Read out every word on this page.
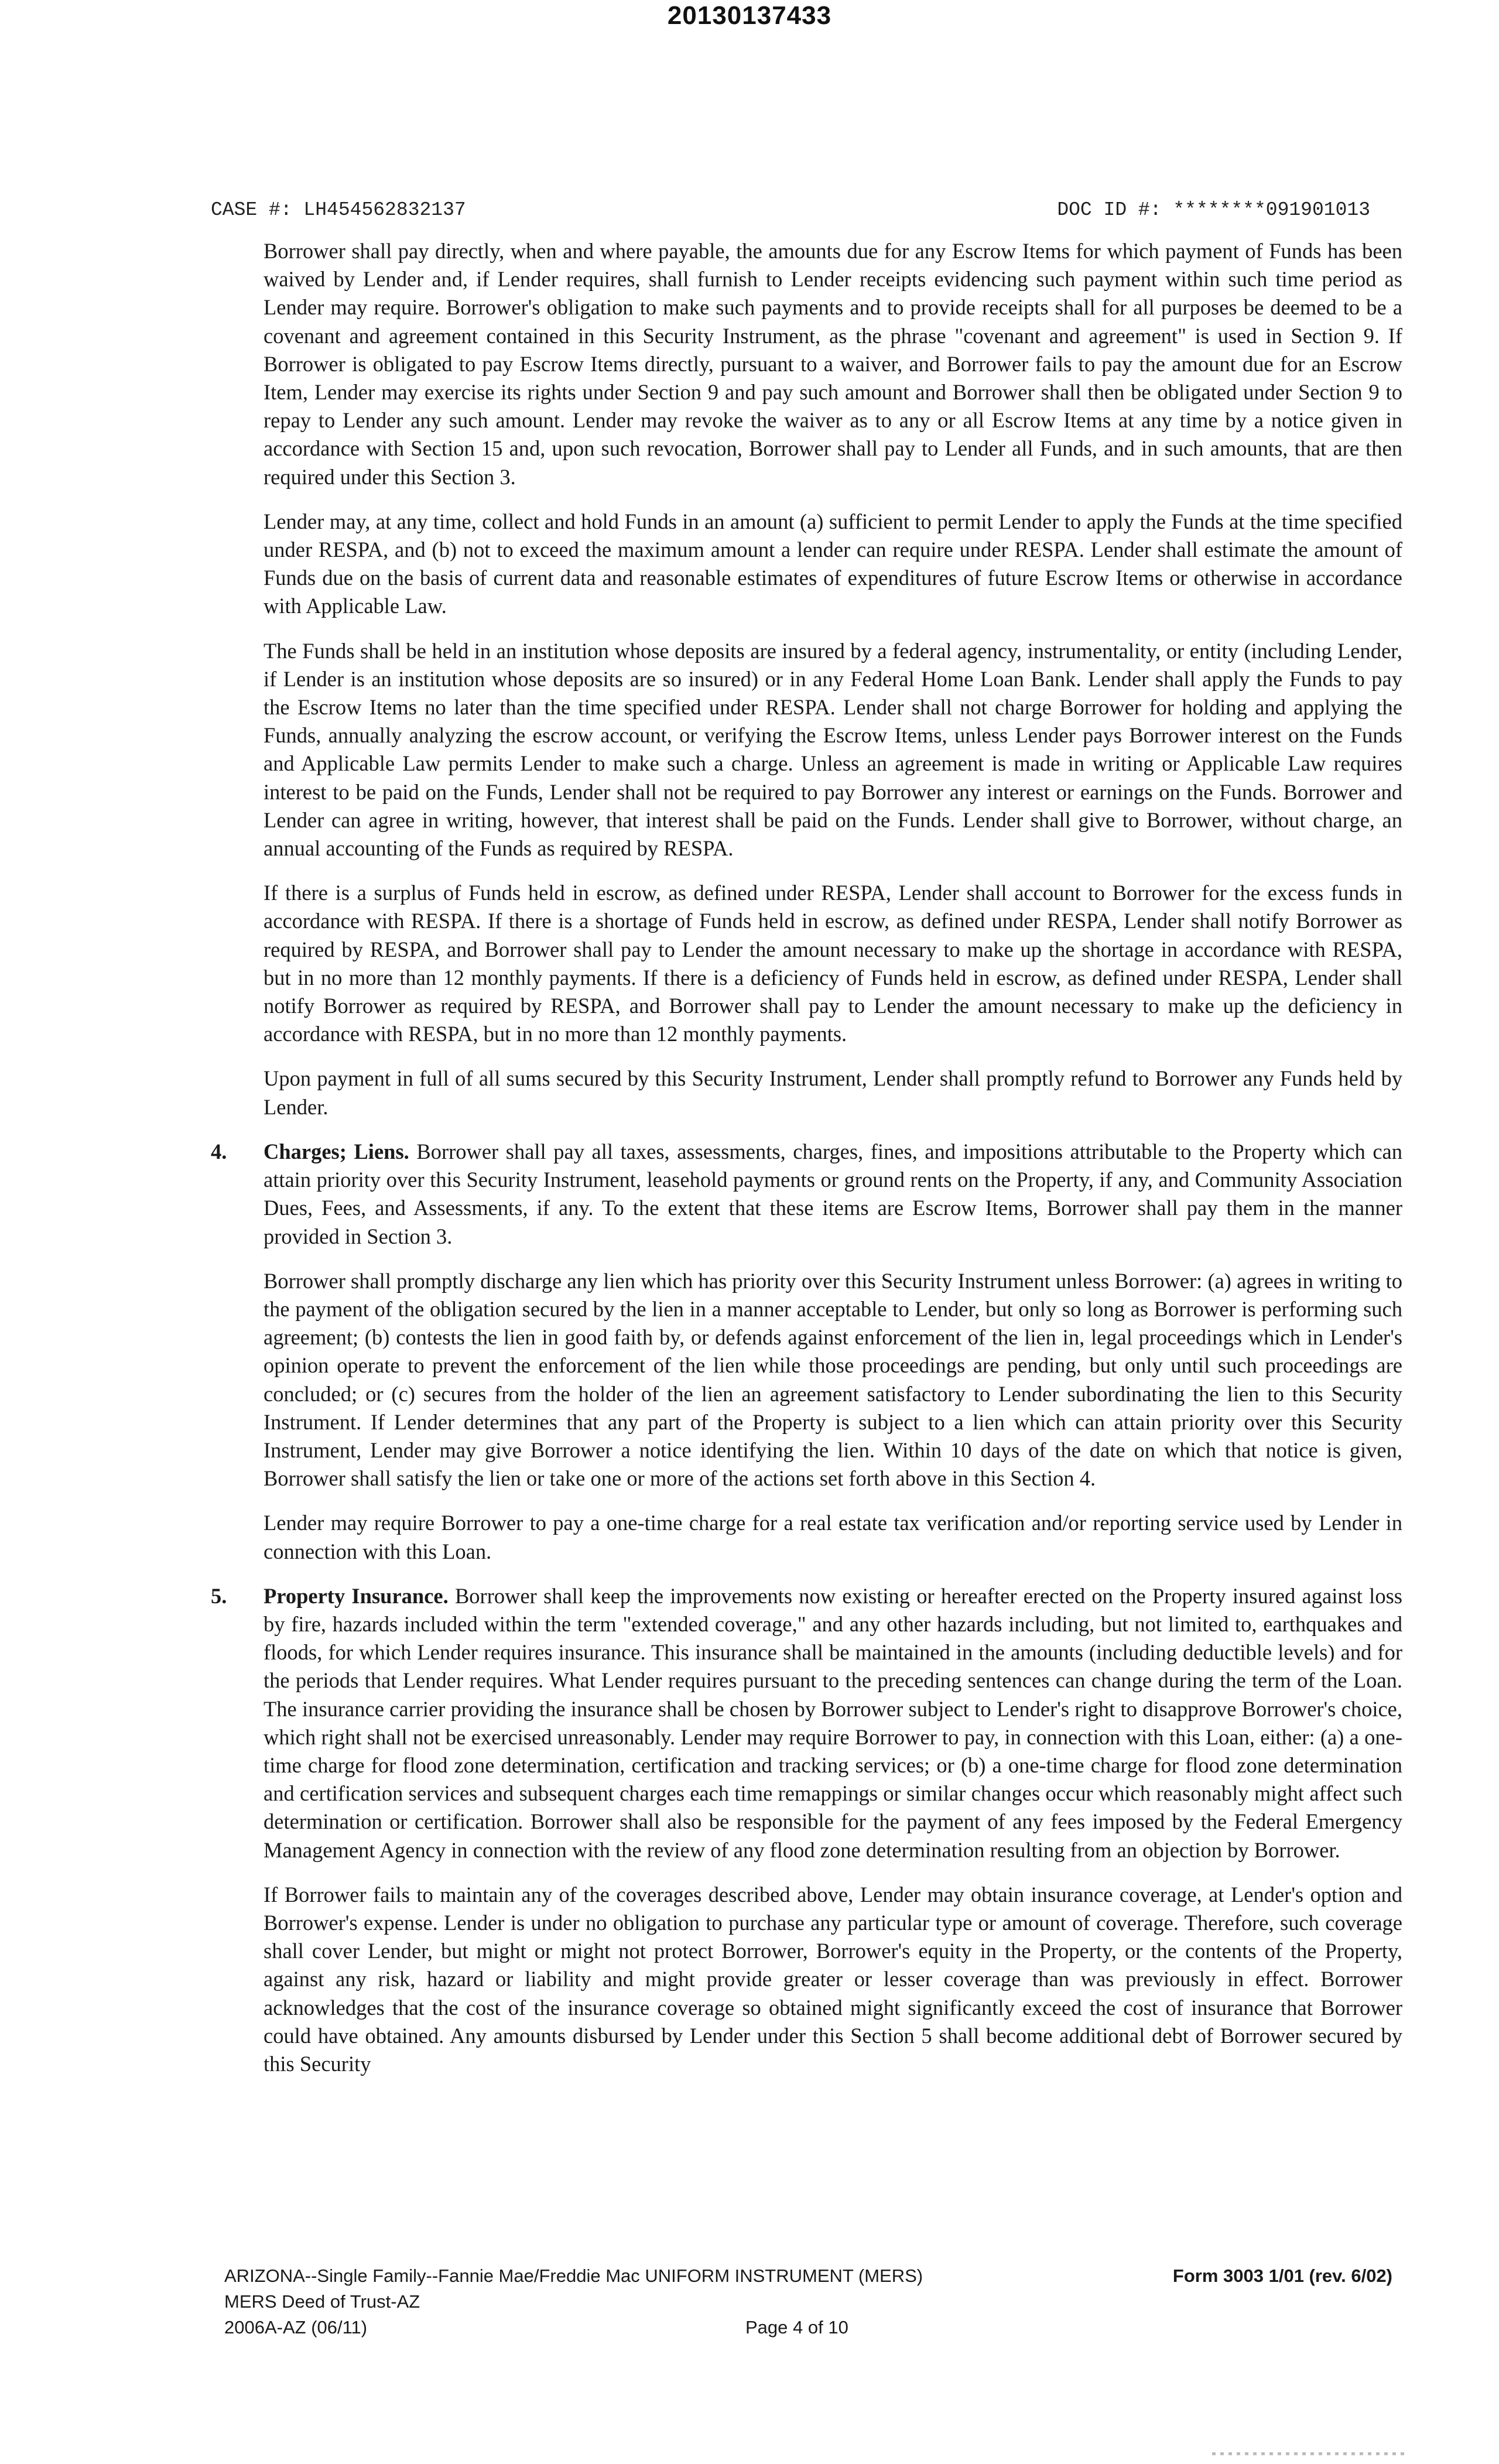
20130137433
CASE #: LH454562832137	DOC ID #: ********091901013

Borrower shall pay directly, when and where payable, the amounts due for any Escrow Items for which payment of Funds has been waived by Lender and, if Lender requires, shall furnish to Lender receipts evidencing such payment within such time period as Lender may require. Borrower's obligation to make such payments and to provide receipts shall for all purposes be deemed to be a covenant and agreement contained in this Security Instrument, as the phrase "covenant and agreement" is used in Section 9. If Borrower is obligated to pay Escrow Items directly, pursuant to a waiver, and Borrower fails to pay the amount due for an Escrow Item, Lender may exercise its rights under Section 9 and pay such amount and Borrower shall then be obligated under Section 9 to repay to Lender any such amount. Lender may revoke the waiver as to any or all Escrow Items at any time by a notice given in accordance with Section 15 and, upon such revocation, Borrower shall pay to Lender all Funds, and in such amounts, that are then required under this Section 3.

Lender may, at any time, collect and hold Funds in an amount (a) sufficient to permit Lender to apply the Funds at the time specified under RESPA, and (b) not to exceed the maximum amount a lender can require under RESPA. Lender shall estimate the amount of Funds due on the basis of current data and reasonable estimates of expenditures of future Escrow Items or otherwise in accordance with Applicable Law.

The Funds shall be held in an institution whose deposits are insured by a federal agency, instrumentality, or entity (including Lender, if Lender is an institution whose deposits are so insured) or in any Federal Home Loan Bank. Lender shall apply the Funds to pay the Escrow Items no later than the time specified under RESPA. Lender shall not charge Borrower for holding and applying the Funds, annually analyzing the escrow account, or verifying the Escrow Items, unless Lender pays Borrower interest on the Funds and Applicable Law permits Lender to make such a charge. Unless an agreement is made in writing or Applicable Law requires interest to be paid on the Funds, Lender shall not be required to pay Borrower any interest or earnings on the Funds. Borrower and Lender can agree in writing, however, that interest shall be paid on the Funds. Lender shall give to Borrower, without charge, an annual accounting of the Funds as required by RESPA.

If there is a surplus of Funds held in escrow, as defined under RESPA, Lender shall account to Borrower for the excess funds in accordance with RESPA. If there is a shortage of Funds held in escrow, as defined under RESPA, Lender shall notify Borrower as required by RESPA, and Borrower shall pay to Lender the amount necessary to make up the shortage in accordance with RESPA, but in no more than 12 monthly payments. If there is a deficiency of Funds held in escrow, as defined under RESPA, Lender shall notify Borrower as required by RESPA, and Borrower shall pay to Lender the amount necessary to make up the deficiency in accordance with RESPA, but in no more than 12 monthly payments.

Upon payment in full of all sums secured by this Security Instrument, Lender shall promptly refund to Borrower any Funds held by Lender.

4. Charges; Liens. Borrower shall pay all taxes, assessments, charges, fines, and impositions attributable to the Property which can attain priority over this Security Instrument, leasehold payments or ground rents on the Property, if any, and Community Association Dues, Fees, and Assessments, if any. To the extent that these items are Escrow Items, Borrower shall pay them in the manner provided in Section 3.

Borrower shall promptly discharge any lien which has priority over this Security Instrument unless Borrower: (a) agrees in writing to the payment of the obligation secured by the lien in a manner acceptable to Lender, but only so long as Borrower is performing such agreement; (b) contests the lien in good faith by, or defends against enforcement of the lien in, legal proceedings which in Lender's opinion operate to prevent the enforcement of the lien while those proceedings are pending, but only until such proceedings are concluded; or (c) secures from the holder of the lien an agreement satisfactory to Lender subordinating the lien to this Security Instrument. If Lender determines that any part of the Property is subject to a lien which can attain priority over this Security Instrument, Lender may give Borrower a notice identifying the lien. Within 10 days of the date on which that notice is given, Borrower shall satisfy the lien or take one or more of the actions set forth above in this Section 4.

Lender may require Borrower to pay a one-time charge for a real estate tax verification and/or reporting service used by Lender in connection with this Loan.

5. Property Insurance. Borrower shall keep the improvements now existing or hereafter erected on the Property insured against loss by fire, hazards included within the term "extended coverage," and any other hazards including, but not limited to, earthquakes and floods, for which Lender requires insurance. This insurance shall be maintained in the amounts (including deductible levels) and for the periods that Lender requires. What Lender requires pursuant to the preceding sentences can change during the term of the Loan. The insurance carrier providing the insurance shall be chosen by Borrower subject to Lender's right to disapprove Borrower's choice, which right shall not be exercised unreasonably. Lender may require Borrower to pay, in connection with this Loan, either: (a) a one-time charge for flood zone determination, certification and tracking services; or (b) a one-time charge for flood zone determination and certification services and subsequent charges each time remappings or similar changes occur which reasonably might affect such determination or certification. Borrower shall also be responsible for the payment of any fees imposed by the Federal Emergency Management Agency in connection with the review of any flood zone determination resulting from an objection by Borrower.

If Borrower fails to maintain any of the coverages described above, Lender may obtain insurance coverage, at Lender's option and Borrower's expense. Lender is under no obligation to purchase any particular type or amount of coverage. Therefore, such coverage shall cover Lender, but might or might not protect Borrower, Borrower's equity in the Property, or the contents of the Property, against any risk, hazard or liability and might provide greater or lesser coverage than was previously in effect. Borrower acknowledges that the cost of the insurance coverage so obtained might significantly exceed the cost of insurance that Borrower could have obtained. Any amounts disbursed by Lender under this Section 5 shall become additional debt of Borrower secured by this Security

ARIZONA--Single Family--Fannie Mae/Freddie Mac UNIFORM INSTRUMENT (MERS)
MERS Deed of Trust-AZ
2006A-AZ (06/11)
Form 3003 1/01 (rev. 6/02)
Page 4 of 10
